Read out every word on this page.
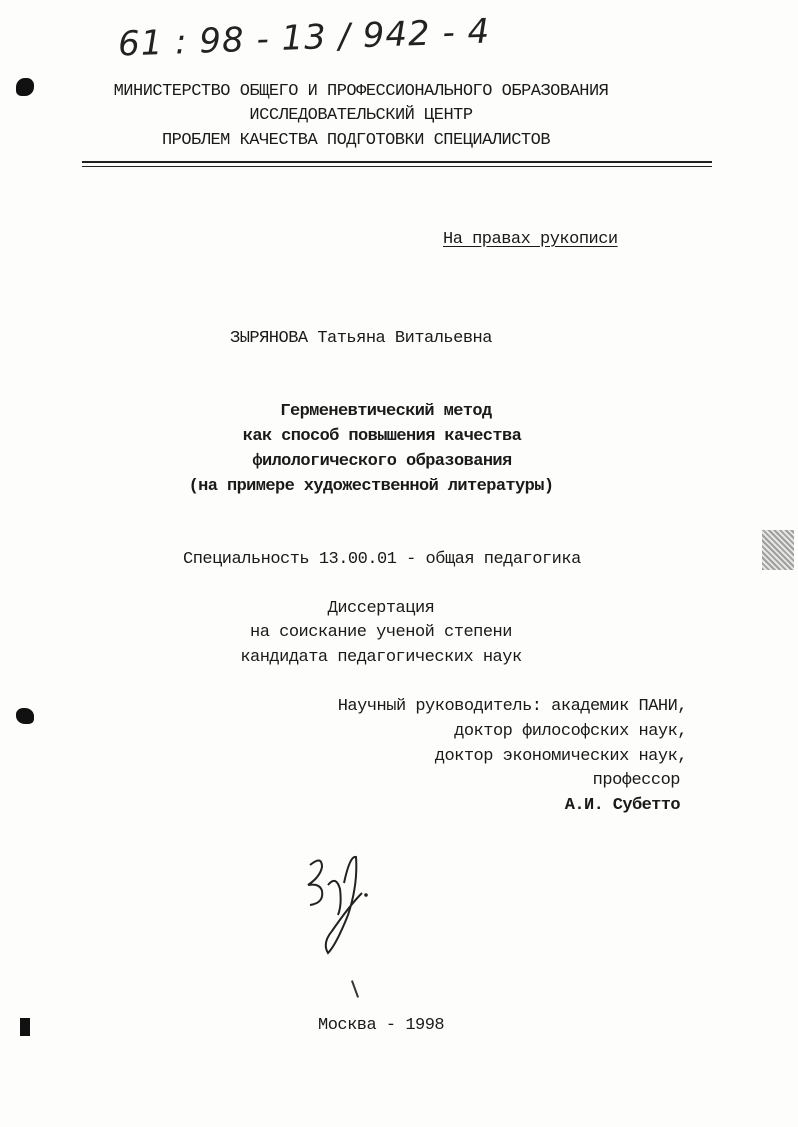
61 : 98 - 13 / 942 - 4
МИНИСТЕРСТВО ОБЩЕГО И ПРОФЕССИОНАЛЬНОГО ОБРАЗОВАНИЯ
ИССЛЕДОВАТЕЛЬСКИЙ ЦЕНТР
ПРОБЛЕМ КАЧЕСТВА ПОДГОТОВКИ СПЕЦИАЛИСТОВ
На правах рукописи
ЗЫРЯНОВА Татьяна Витальевна
Герменевтический метод
как способ повышения качества
филологического образования
(на примере художественной литературы)
Специальность 13.00.01 - общая педагогика
Диссертация
на соискание ученой степени
кандидата педагогических наук
Научный руководитель: академик ПАНИ,
доктор философских наук,
доктор экономических наук,
профессор
А.И. Субетто
Москва - 1998
